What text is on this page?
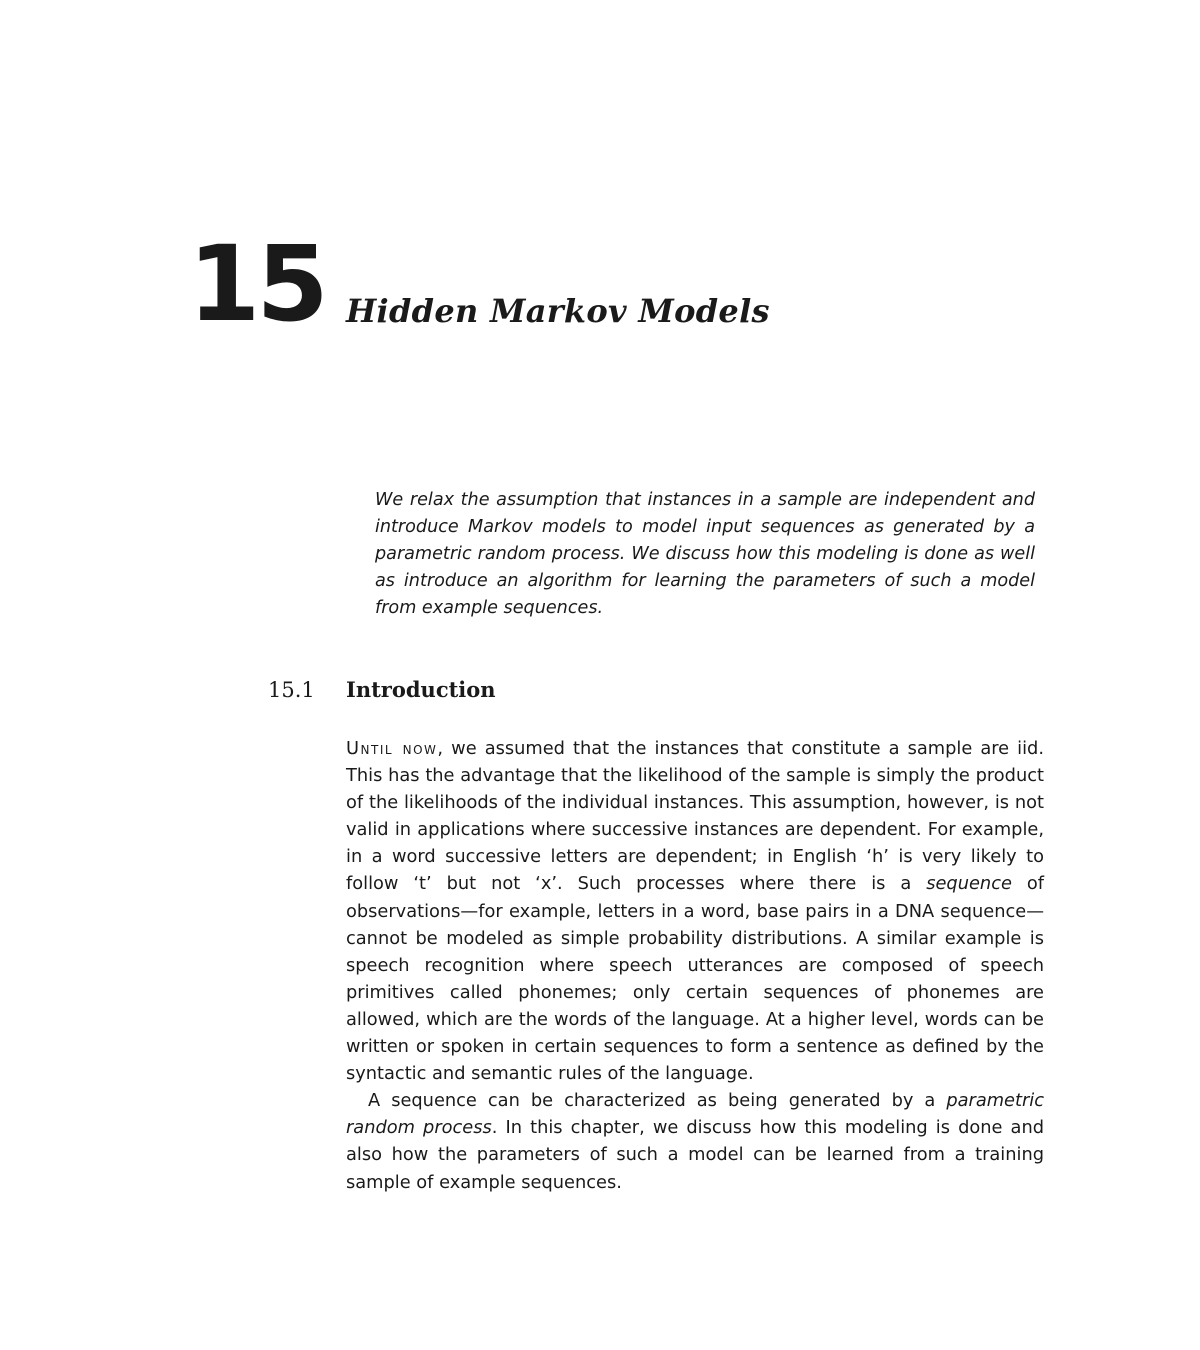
15 Hidden Markov Models

We relax the assumption that instances in a sample are independent and introduce Markov models to model input sequences as generated by a parametric random process. We discuss how this modeling is done as well as introduce an algorithm for learning the parameters of such a model from example sequences.

15.1 Introduction

Until now, we assumed that the instances that constitute a sample are iid. This has the advantage that the likelihood of the sample is simply the product of the likelihoods of the individual instances. This assumption, however, is not valid in applications where successive instances are dependent. For example, in a word successive letters are dependent; in English ‘h’ is very likely to follow ‘t’ but not ‘x’. Such processes where there is a sequence of observations—for example, letters in a word, base pairs in a DNA sequence—cannot be modeled as simple probability distributions. A similar example is speech recognition where speech utterances are composed of speech primitives called phonemes; only certain sequences of phonemes are allowed, which are the words of the language. At a higher level, words can be written or spoken in certain sequences to form a sentence as defined by the syntactic and semantic rules of the language.

A sequence can be characterized as being generated by a parametric random process. In this chapter, we discuss how this modeling is done and also how the parameters of such a model can be learned from a training sample of example sequences.
